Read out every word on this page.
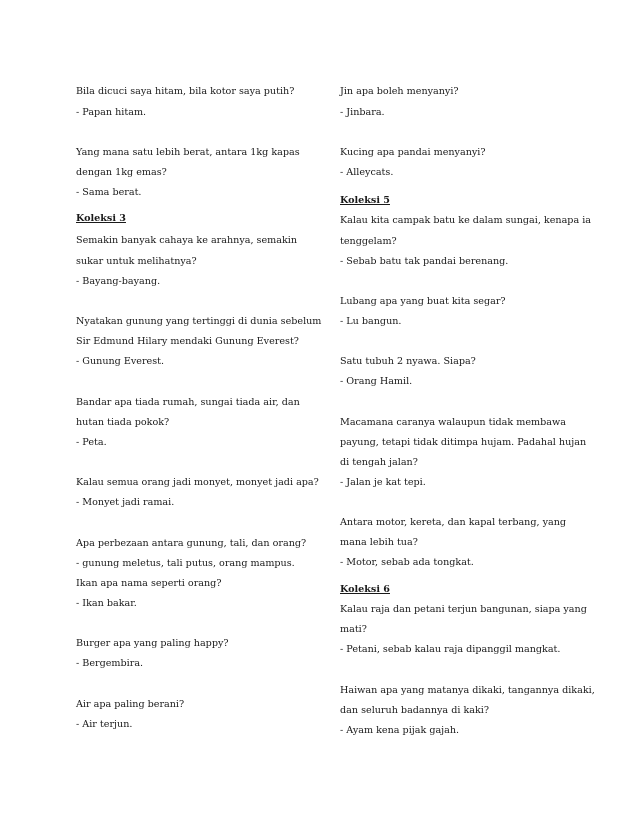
Bila dicuci saya hitam, bila kotor saya putih?
- Papan hitam.
Yang mana satu lebih berat, antara 1kg kapas
dengan 1kg emas?
- Sama berat.
Koleksi 3
Semakin banyak cahaya ke arahnya, semakin
sukar untuk melihatnya?
- Bayang-bayang.
Nyatakan gunung yang tertinggi di dunia sebelum
Sir Edmund Hilary mendaki Gunung Everest?
- Gunung Everest.
Bandar apa tiada rumah, sungai tiada air, dan
hutan tiada pokok?
- Peta.
Kalau semua orang jadi monyet, monyet jadi apa?
- Monyet jadi ramai.
Apa perbezaan antara gunung, tali, dan orang?
- gunung meletus, tali putus, orang mampus.
Ikan apa nama seperti orang?
- Ikan bakar.
Burger apa yang paling happy?
- Bergembira.
Air apa paling berani?
- Air terjun.
Jin apa boleh menyanyi?
- Jinbara.
Kucing apa pandai menyanyi?
- Alleycats.
Koleksi 5
Kalau kita campak batu ke dalam sungai, kenapa ia
tenggelam?
- Sebab batu tak pandai berenang.
Lubang apa yang buat kita segar?
- Lu bangun.
Satu tubuh 2 nyawa. Siapa?
- Orang Hamil.
Macamana caranya walaupun tidak membawa
payung, tetapi tidak ditimpa hujam. Padahal hujan
di tengah jalan?
- Jalan je kat tepi.
Antara motor, kereta, dan kapal terbang, yang
mana lebih tua?
- Motor, sebab ada tongkat.
Koleksi 6
Kalau raja dan petani terjun bangunan, siapa yang
mati?
- Petani, sebab kalau raja dipanggil mangkat.
Haiwan apa yang matanya dikaki, tangannya dikaki,
dan seluruh badannya di kaki?
- Ayam kena pijak gajah.
